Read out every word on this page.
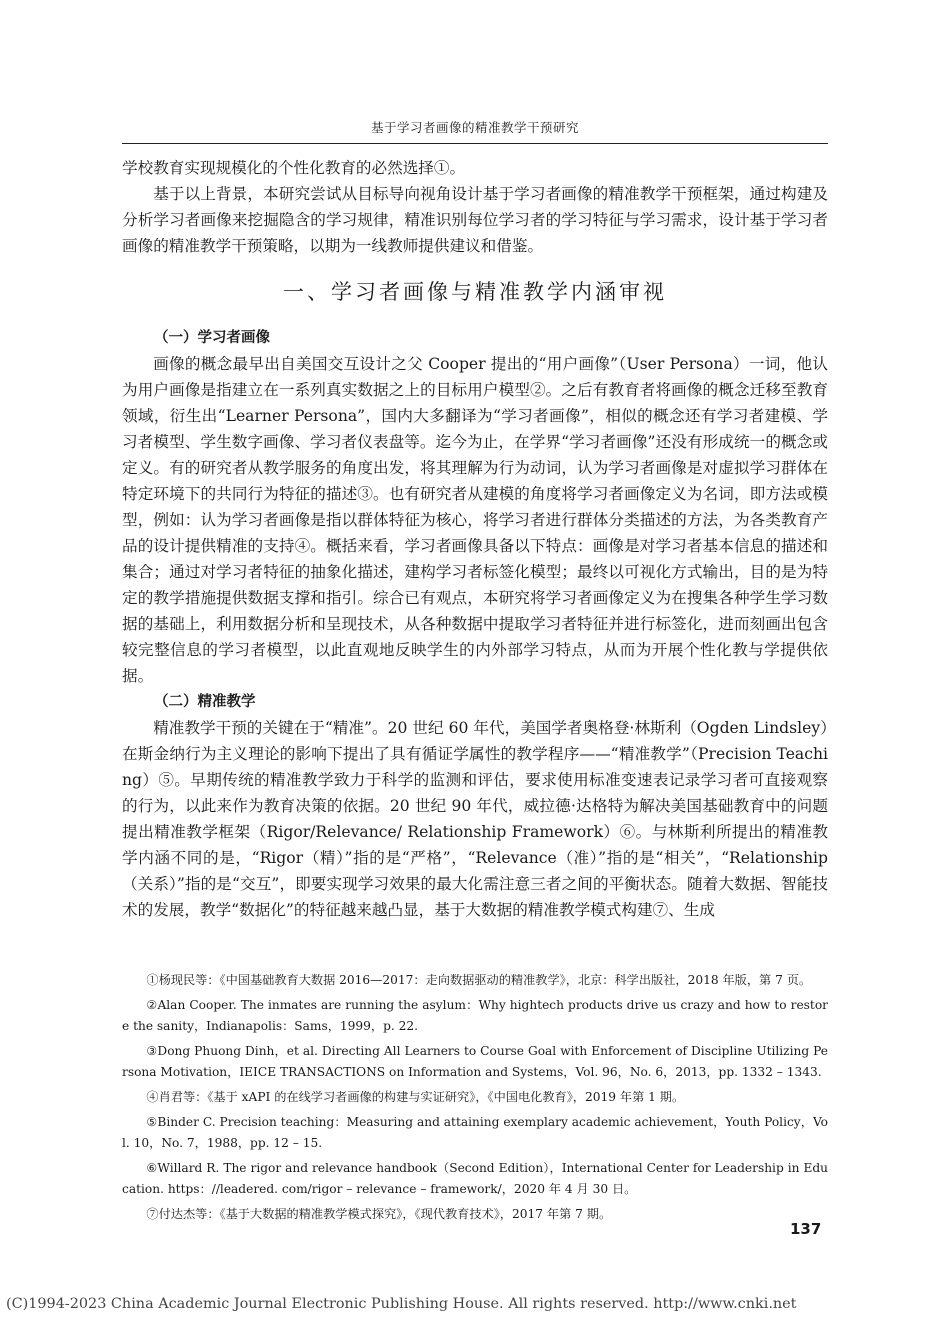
基于学习者画像的精准教学干预研究

学校教育实现规模化的个性化教育的必然选择①。

基于以上背景，本研究尝试从目标导向视角设计基于学习者画像的精准教学干预框架，通过构建及分析学习者画像来挖掘隐含的学习规律，精准识别每位学习者的学习特征与学习需求，设计基于学习者画像的精准教学干预策略，以期为一线教师提供建议和借鉴。

一、学习者画像与精准教学内涵审视
（一）学习者画像

画像的概念最早出自美国交互设计之父 Cooper 提出的“用户画像”（User Persona）一词，他认为用户画像是指建立在一系列真实数据之上的目标用户模型②。之后有教育者将画像的概念迁移至教育领域，衍生出“Learner Persona”，国内大多翻译为“学习者画像”，相似的概念还有学习者建模、学习者模型、学生数字画像、学习者仪表盘等。迄今为止，在学界“学习者画像”还没有形成统一的概念或定义。有的研究者从教学服务的角度出发，将其理解为行为动词，认为学习者画像是对虚拟学习群体在特定环境下的共同行为特征的描述③。也有研究者从建模的角度将学习者画像定义为名词，即方法或模型，例如：认为学习者画像是指以群体特征为核心，将学习者进行群体分类描述的方法，为各类教育产品的设计提供精准的支持④。概括来看，学习者画像具备以下特点：画像是对学习者基本信息的描述和集合；通过对学习者特征的抽象化描述，建构学习者标签化模型；最终以可视化方式输出，目的是为特定的教学措施提供数据支撑和指引。综合已有观点，本研究将学习者画像定义为在搜集各种学生学习数据的基础上，利用数据分析和呈现技术，从各种数据中提取学习者特征并进行标签化，进而刻画出包含较完整信息的学习者模型，以此直观地反映学生的内外部学习特点，从而为开展个性化教与学提供依据。

（二）精准教学

精准教学干预的关键在于“精准”。20 世纪 60 年代，美国学者奥格登·林斯利（Ogden Lindsley）在斯金纳行为主义理论的影响下提出了具有循证学属性的教学程序——“精准教学”（Precision Teaching）⑤。早期传统的精准教学致力于科学的监测和评估，要求使用标准变速表记录学习者可直接观察的行为，以此来作为教育决策的依据。20 世纪 90 年代，威拉德·达格特为解决美国基础教育中的问题提出精准教学框架（Rigor/Relevance/ Relationship Framework）⑥。与林斯利所提出的精准教学内涵不同的是，“Rigor（精）”指的是“严格”，“Relevance（准）”指的是“相关”，“Relationship（关系）”指的是“交互”，即要实现学习效果的最大化需注意三者之间的平衡状态。随着大数据、智能技术的发展，教学“数据化”的特征越来越凸显，基于大数据的精准教学模式构建⑦、生成

①杨现民等：《中国基础教育大数据 2016—2017：走向数据驱动的精准教学》，北京：科学出版社，2018 年版，第 7 页。

②Alan Cooper. The inmates are running the asylum：Why hightech products drive us crazy and how to restore the sanity，Indianapolis：Sams，1999，p. 22.

③Dong Phuong Dinh，et al. Directing All Learners to Course Goal with Enforcement of Discipline Utilizing Persona Motivation，IEICE TRANSACTIONS on Information and Systems，Vol. 96，No. 6，2013，pp. 1332 – 1343.

④肖君等：《基于 xAPI 的在线学习者画像的构建与实证研究》，《中国电化教育》，2019 年第 1 期。

⑤Binder C. Precision teaching：Measuring and attaining exemplary academic achievement，Youth Policy，Vol. 10，No. 7，1988，pp. 12 – 15.

⑥Willard R. The rigor and relevance handbook（Second Edition），International Center for Leadership in Education. https：//leadered. com/rigor – relevance – framework/，2020 年 4 月 30 日。

⑦付达杰等：《基于大数据的精准教学模式探究》，《现代教育技术》，2017 年第 7 期。

137
(C)1994-2023 China Academic Journal Electronic Publishing House. All rights reserved. http://www.cnki.net
